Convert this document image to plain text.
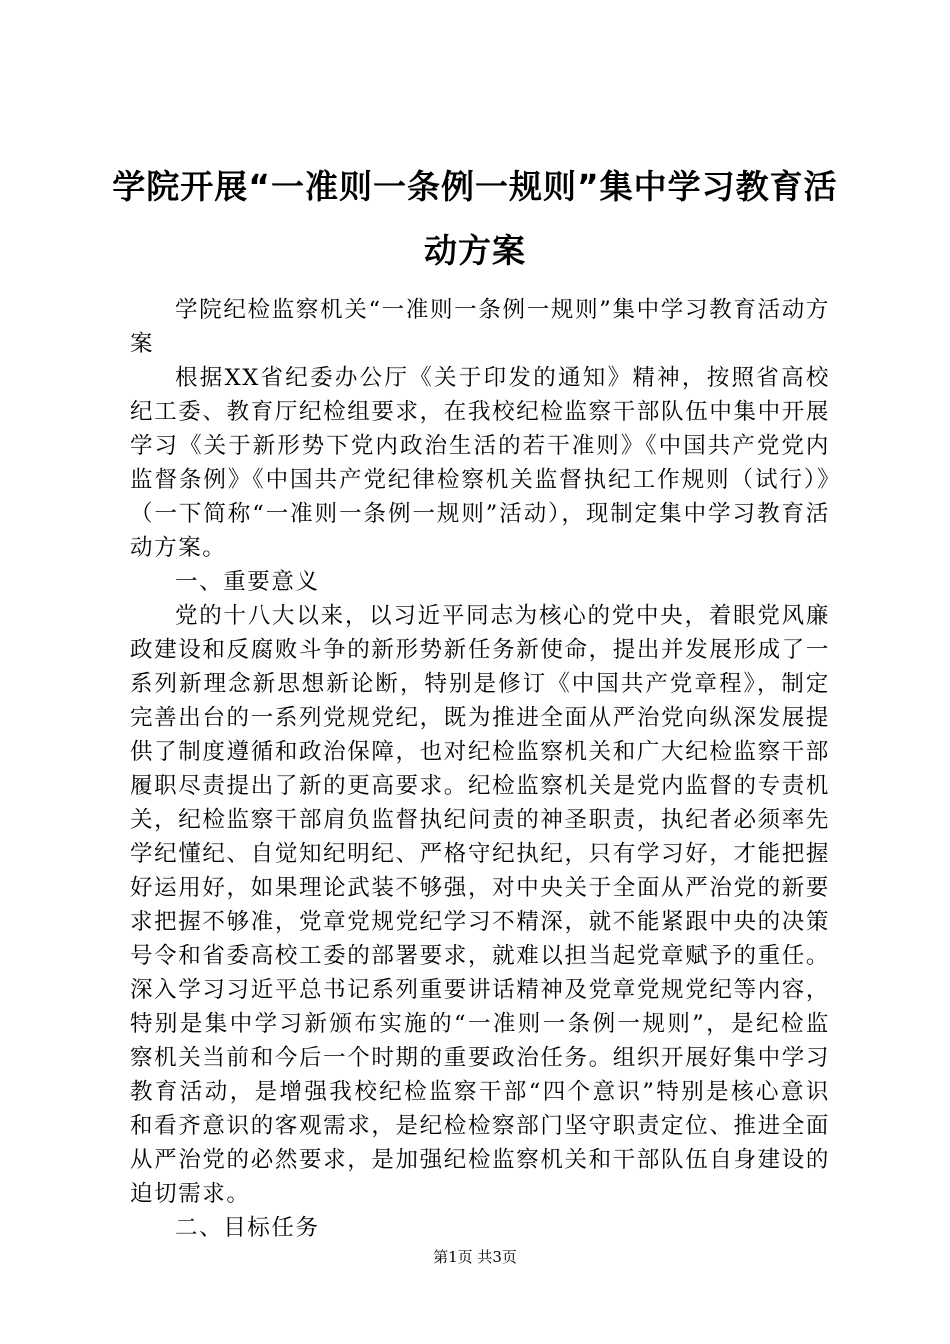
学院开展“一准则一条例一规则”集中学习教育活动方案

学院纪检监察机关“一准则一条例一规则”集中学习教育活动方案

根据XX省纪委办公厅《关于印发的通知》精神，按照省高校纪工委、教育厅纪检组要求，在我校纪检监察干部队伍中集中开展学习《关于新形势下党内政治生活的若干准则》《中国共产党党内监督条例》《中国共产党纪律检察机关监督执纪工作规则（试行）》（一下简称“一准则一条例一规则”活动），现制定集中学习教育活动方案。

一、重要意义

党的十八大以来，以习近平同志为核心的党中央，着眼党风廉政建设和反腐败斗争的新形势新任务新使命，提出并发展形成了一系列新理念新思想新论断，特别是修订《中国共产党章程》，制定完善出台的一系列党规党纪，既为推进全面从严治党向纵深发展提供了制度遵循和政治保障，也对纪检监察机关和广大纪检监察干部履职尽责提出了新的更高要求。纪检监察机关是党内监督的专责机关，纪检监察干部肩负监督执纪问责的神圣职责，执纪者必须率先学纪懂纪、自觉知纪明纪、严格守纪执纪，只有学习好，才能把握好运用好，如果理论武装不够强，对中央关于全面从严治党的新要求把握不够准，党章党规党纪学习不精深，就不能紧跟中央的决策号令和省委高校工委的部署要求，就难以担当起党章赋予的重任。深入学习习近平总书记系列重要讲话精神及党章党规党纪等内容，特别是集中学习新颁布实施的“一准则一条例一规则”，是纪检监察机关当前和今后一个时期的重要政治任务。组织开展好集中学习教育活动，是增强我校纪检监察干部“四个意识”特别是核心意识和看齐意识的客观需求，是纪检检察部门坚守职责定位、推进全面从严治党的必然要求，是加强纪检监察机关和干部队伍自身建设的迫切需求。

二、目标任务

第1页 共3页
